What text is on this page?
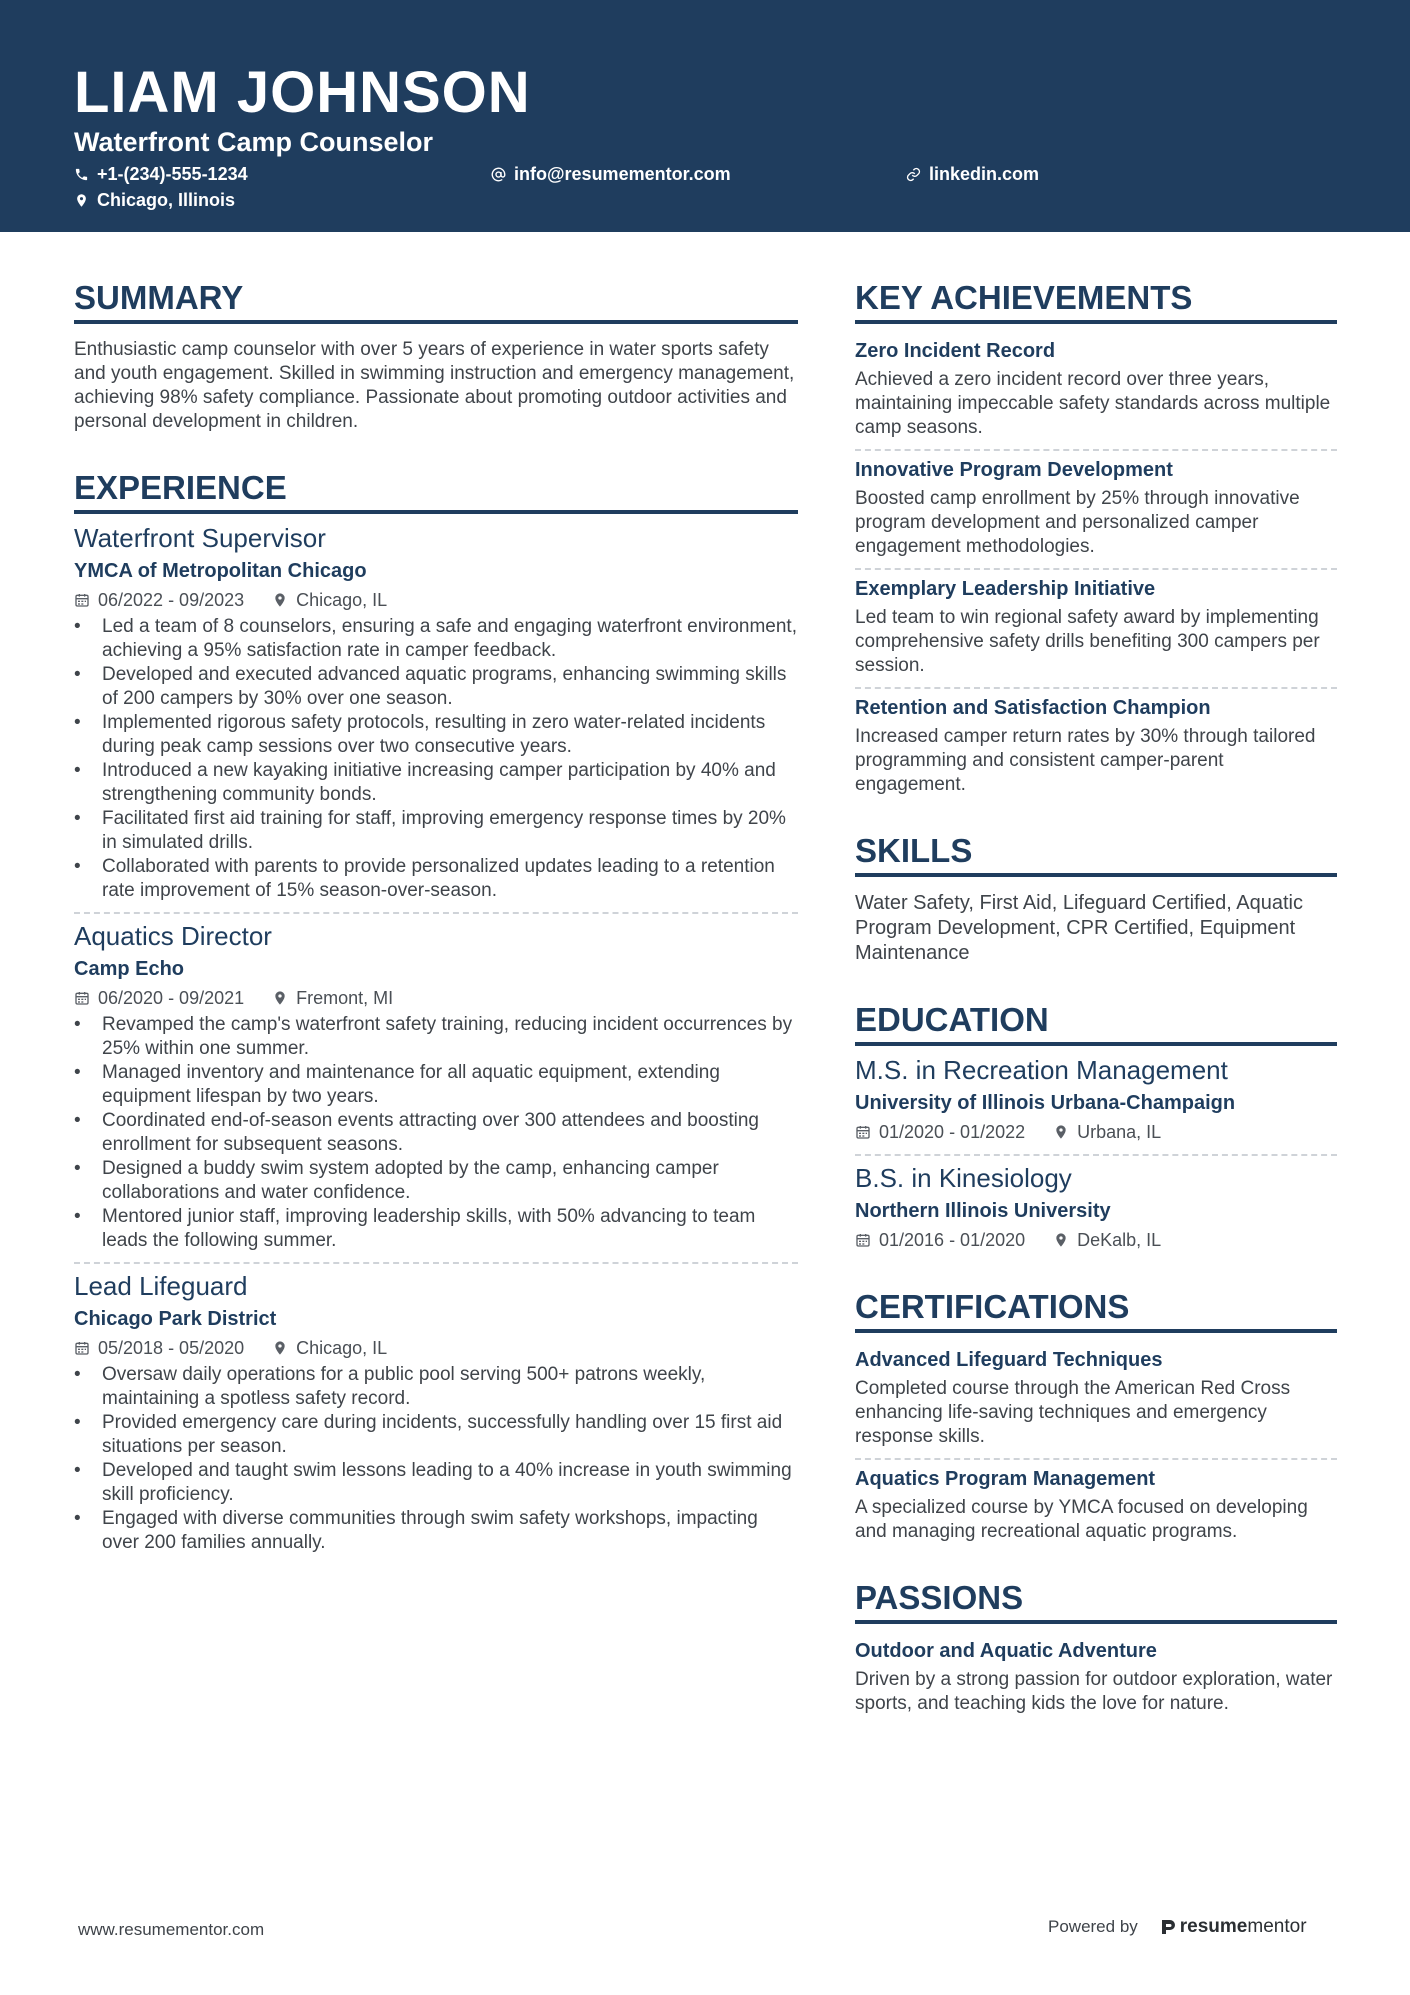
LIAM JOHNSON
Waterfront Camp Counselor
+1-(234)-555-1234	info@resumementor.com	linkedin.com
Chicago, Illinois
SUMMARY
Enthusiastic camp counselor with over 5 years of experience in water sports safety and youth engagement. Skilled in swimming instruction and emergency management, achieving 98% safety compliance. Passionate about promoting outdoor activities and personal development in children.
EXPERIENCE
Waterfront Supervisor
YMCA of Metropolitan Chicago
06/2022 - 09/2023	Chicago, IL
• Led a team of 8 counselors, ensuring a safe and engaging waterfront environment, achieving a 95% satisfaction rate in camper feedback.
• Developed and executed advanced aquatic programs, enhancing swimming skills of 200 campers by 30% over one season.
• Implemented rigorous safety protocols, resulting in zero water-related incidents during peak camp sessions over two consecutive years.
• Introduced a new kayaking initiative increasing camper participation by 40% and strengthening community bonds.
• Facilitated first aid training for staff, improving emergency response times by 20% in simulated drills.
• Collaborated with parents to provide personalized updates leading to a retention rate improvement of 15% season-over-season.
Aquatics Director
Camp Echo
06/2020 - 09/2021	Fremont, MI
• Revamped the camp's waterfront safety training, reducing incident occurrences by 25% within one summer.
• Managed inventory and maintenance for all aquatic equipment, extending equipment lifespan by two years.
• Coordinated end-of-season events attracting over 300 attendees and boosting enrollment for subsequent seasons.
• Designed a buddy swim system adopted by the camp, enhancing camper collaborations and water confidence.
• Mentored junior staff, improving leadership skills, with 50% advancing to team leads the following summer.
Lead Lifeguard
Chicago Park District
05/2018 - 05/2020	Chicago, IL
• Oversaw daily operations for a public pool serving 500+ patrons weekly, maintaining a spotless safety record.
• Provided emergency care during incidents, successfully handling over 15 first aid situations per season.
• Developed and taught swim lessons leading to a 40% increase in youth swimming skill proficiency.
• Engaged with diverse communities through swim safety workshops, impacting over 200 families annually.
KEY ACHIEVEMENTS
Zero Incident Record
Achieved a zero incident record over three years, maintaining impeccable safety standards across multiple camp seasons.
Innovative Program Development
Boosted camp enrollment by 25% through innovative program development and personalized camper engagement methodologies.
Exemplary Leadership Initiative
Led team to win regional safety award by implementing comprehensive safety drills benefiting 300 campers per session.
Retention and Satisfaction Champion
Increased camper return rates by 30% through tailored programming and consistent camper-parent engagement.
SKILLS
Water Safety, First Aid, Lifeguard Certified, Aquatic Program Development, CPR Certified, Equipment Maintenance
EDUCATION
M.S. in Recreation Management
University of Illinois Urbana-Champaign
01/2020 - 01/2022	Urbana, IL
B.S. in Kinesiology
Northern Illinois University
01/2016 - 01/2020	DeKalb, IL
CERTIFICATIONS
Advanced Lifeguard Techniques
Completed course through the American Red Cross enhancing life-saving techniques and emergency response skills.
Aquatics Program Management
A specialized course by YMCA focused on developing and managing recreational aquatic programs.
PASSIONS
Outdoor and Aquatic Adventure
Driven by a strong passion for outdoor exploration, water sports, and teaching kids the love for nature.
www.resumementor.com	Powered by resume mentor
